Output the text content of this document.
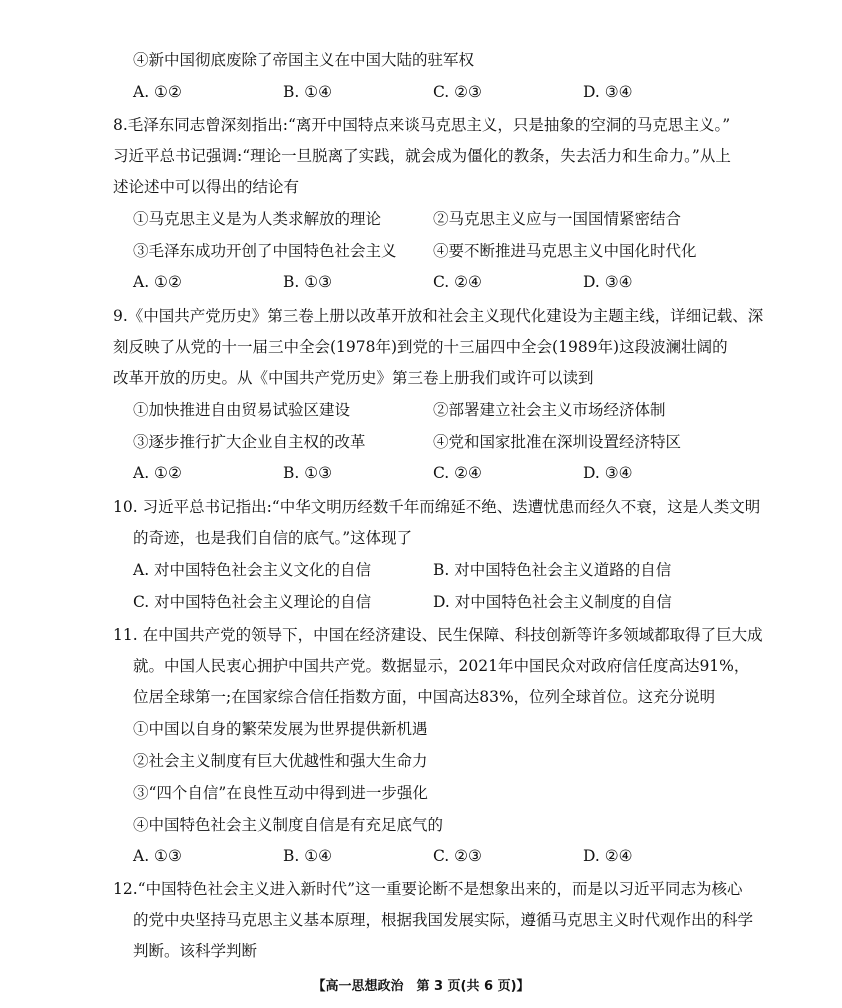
④新中国彻底废除了帝国主义在中国大陆的驻军权
A. ①②	B. ①④	C. ②③	D. ③④
8.毛泽东同志曾深刻指出:“离开中国特点来谈马克思主义，只是抽象的空洞的马克思主义。”
习近平总书记强调:“理论一旦脱离了实践，就会成为僵化的教条，失去活力和生命力。”从上
述论述中可以得出的结论有
①马克思主义是为人类求解放的理论	②马克思主义应与一国国情紧密结合
③毛泽东成功开创了中国特色社会主义 ④要不断推进马克思主义中国化时代化
A. ①②	B. ①③	C. ②④	D. ③④
9.《中国共产党历史》第三卷上册以改革开放和社会主义现代化建设为主题主线，详细记载、深
刻反映了从党的十一届三中全会(1978年)到党的十三届四中全会(1989年)这段波澜壮阔的
改革开放的历史。从《中国共产党历史》第三卷上册我们或许可以读到
①加快推进自由贸易试验区建设	②部署建立社会主义市场经济体制
③逐步推行扩大企业自主权的改革	④党和国家批准在深圳设置经济特区
A. ①②	B. ①③	C. ②④	D. ③④
10. 习近平总书记指出:“中华文明历经数千年而绵延不绝、迭遭忧患而经久不衰，这是人类文明
的奇迹，也是我们自信的底气。”这体现了
A. 对中国特色社会主义文化的自信	B. 对中国特色社会主义道路的自信
C. 对中国特色社会主义理论的自信	D. 对中国特色社会主义制度的自信
11. 在中国共产党的领导下，中国在经济建设、民生保障、科技创新等许多领域都取得了巨大成
就。中国人民衷心拥护中国共产党。数据显示，2021年中国民众对政府信任度高达91%，
位居全球第一;在国家综合信任指数方面，中国高达83%，位列全球首位。这充分说明
①中国以自身的繁荣发展为世界提供新机遇
②社会主义制度有巨大优越性和强大生命力
③“四个自信”在良性互动中得到进一步强化
④中国特色社会主义制度自信是有充足底气的
A. ①③	B. ①④	C. ②③	D. ②④
12.“中国特色社会主义进入新时代”这一重要论断不是想象出来的，而是以习近平同志为核心
的党中央坚持马克思主义基本原理，根据我国发展实际，遵循马克思主义时代观作出的科学
判断。该科学判断
【高一思想政治　第 3 页(共 6 页)】
